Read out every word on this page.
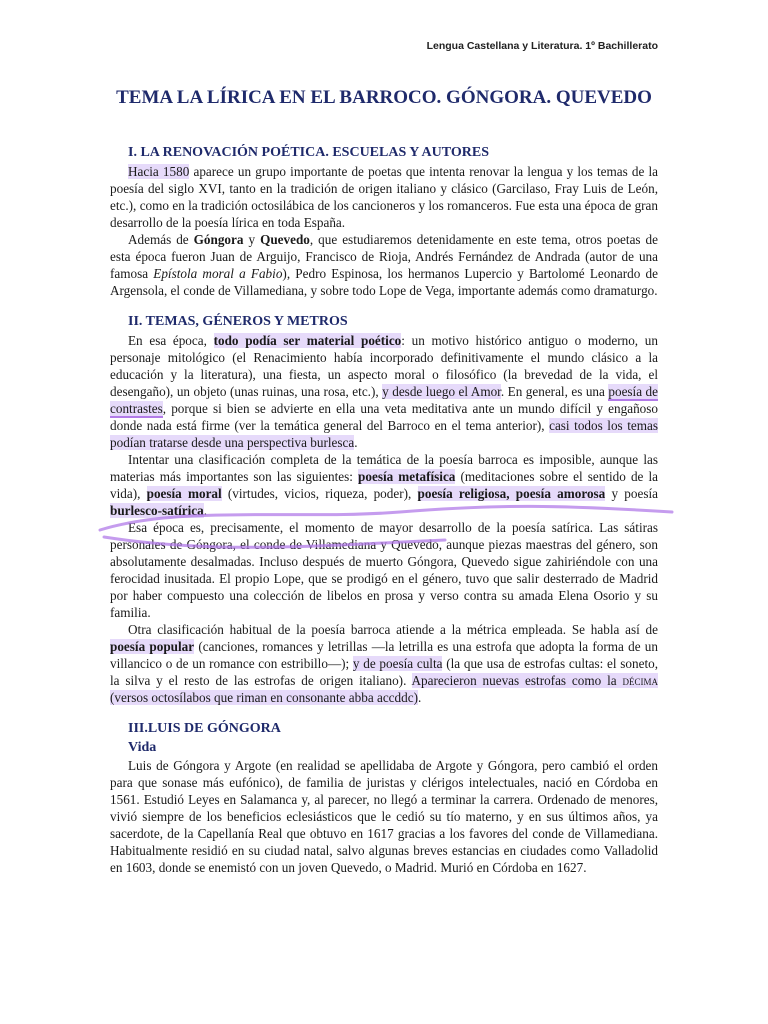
Lengua Castellana y Literatura. 1º Bachillerato
TEMA LA LÍRICA EN EL BARROCO. GÓNGORA. QUEVEDO
I. LA RENOVACIÓN POÉTICA. ESCUELAS Y AUTORES

Hacia 1580 aparece un grupo importante de poetas que intenta renovar la lengua y los temas de la poesía del siglo XVI, tanto en la tradición de origen italiano y clásico (Garcilaso, Fray Luis de León, etc.), como en la tradición octosilábica de los cancioneros y los romanceros. Fue esta una época de gran desarrollo de la poesía lírica en toda España.

Además de Góngora y Quevedo, que estudiaremos detenidamente en este tema, otros poetas de esta época fueron Juan de Arguijo, Francisco de Rioja, Andrés Fernández de Andrada (autor de una famosa Epístola moral a Fabio), Pedro Espinosa, los hermanos Lupercio y Bartolomé Leonardo de Argensola, el conde de Villamediana, y sobre todo Lope de Vega, importante además como dramaturgo.

II. TEMAS, GÉNEROS Y METROS

En esa época, todo podía ser material poético: un motivo histórico antiguo o moderno, un personaje mitológico (el Renacimiento había incorporado definitivamente el mundo clásico a la educación y la literatura), una fiesta, un aspecto moral o filosófico (la brevedad de la vida, el desengaño), un objeto (unas ruinas, una rosa, etc.), y desde luego el Amor. En general, es una poesía de contrastes, porque si bien se advierte en ella una veta meditativa ante un mundo difícil y engañoso donde nada está firme (ver la temática general del Barroco en el tema anterior), casi todos los temas podían tratarse desde una perspectiva burlesca.

Intentar una clasificación completa de la temática de la poesía barroca es imposible, aunque las materias más importantes son las siguientes: poesía metafísica (meditaciones sobre el sentido de la vida), poesía moral (virtudes, vicios, riqueza, poder), poesía religiosa, poesía amorosa y poesía burlesco-satírica.

Esa época es, precisamente, el momento de mayor desarrollo de la poesía satírica. Las sátiras personales de Góngora, el conde de Villamediana y Quevedo, aunque piezas maestras del género, son absolutamente desalmadas. Incluso después de muerto Góngora, Quevedo sigue zahiriéndole con una ferocidad inusitada. El propio Lope, que se prodigó en el género, tuvo que salir desterrado de Madrid por haber compuesto una colección de libelos en prosa y verso contra su amada Elena Osorio y su familia.

Otra clasificación habitual de la poesía barroca atiende a la métrica empleada. Se habla así de poesía popular (canciones, romances y letrillas —la letrilla es una estrofa que adopta la forma de un villancico o de un romance con estribillo—); y de poesía culta (la que usa de estrofas cultas: el soneto, la silva y el resto de las estrofas de origen italiano). Aparecieron nuevas estrofas como la décima (versos octosílabos que riman en consonante abba accddc).

III.LUIS DE GÓNGORA
Vida

Luis de Góngora y Argote (en realidad se apellidaba de Argote y Góngora, pero cambió el orden para que sonase más eufónico), de familia de juristas y clérigos intelectuales, nació en Córdoba en 1561. Estudió Leyes en Salamanca y, al parecer, no llegó a terminar la carrera. Ordenado de menores, vivió siempre de los beneficios eclesiásticos que le cedió su tío materno, y en sus últimos años, ya sacerdote, de la Capellanía Real que obtuvo en 1617 gracias a los favores del conde de Villamediana. Habitualmente residió en su ciudad natal, salvo algunas breves estancias en ciudades como Valladolid en 1603, donde se enemistó con un joven Quevedo, o Madrid. Murió en Córdoba en 1627.
